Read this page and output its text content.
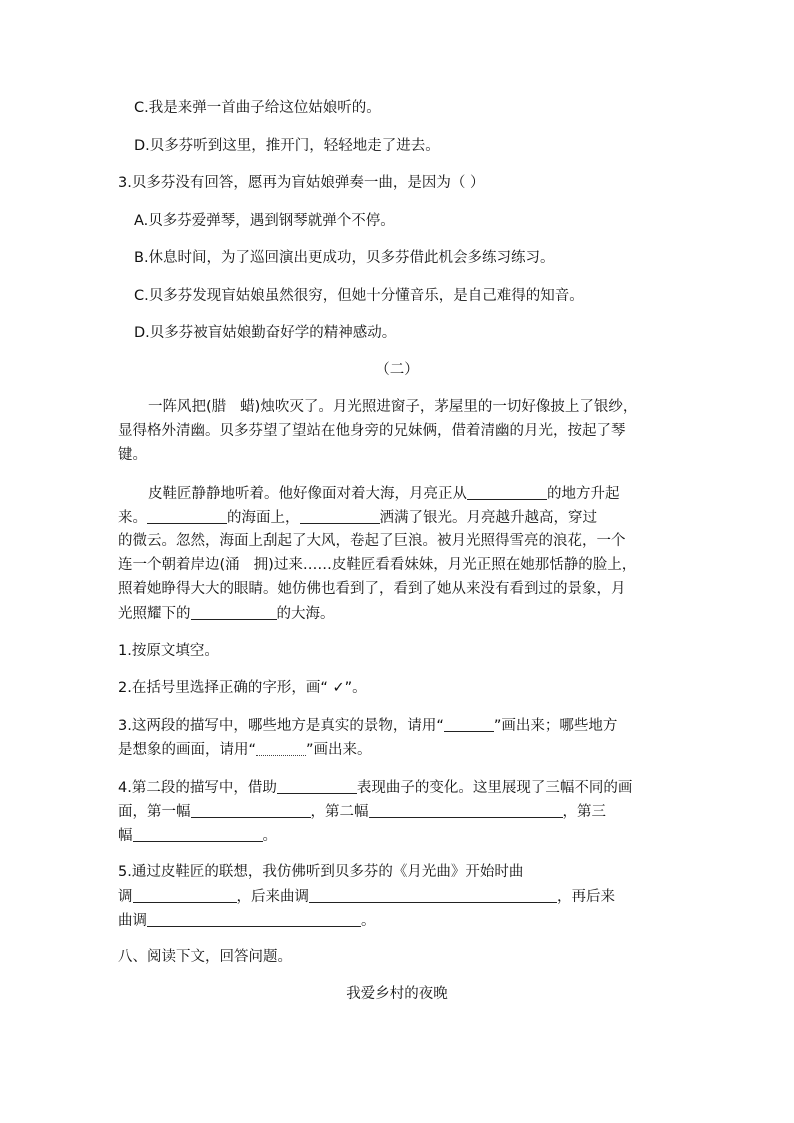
C.我是来弹一首曲子给这位姑娘听的。
D.贝多芬听到这里，推开门，轻轻地走了进去。
3.贝多芬没有回答，愿再为盲姑娘弹奏一曲，是因为（ ）
A.贝多芬爱弹琴，遇到钢琴就弹个不停。
B.休息时间，为了巡回演出更成功，贝多芬借此机会多练习练习。
C.贝多芬发现盲姑娘虽然很穷，但她十分懂音乐，是自己难得的知音。
D.贝多芬被盲姑娘勤奋好学的精神感动。
（二）
一阵风把(腊 蜡)烛吹灭了。月光照进窗子，茅屋里的一切好像披上了银纱，
显得格外清幽。贝多芬望了望站在他身旁的兄妹俩，借着清幽的月光，按起了琴
键。
皮鞋匠静静地听着。他好像面对着大海，月亮正从	的地方升起
来。	的海面上，	洒满了银光。月亮越升越高，穿过
的微云。忽然，海面上刮起了大风，卷起了巨浪。被月光照得雪亮的浪花，一个
连一个朝着岸边(涌 拥)过来……皮鞋匠看看妹妹，月光正照在她那恬静的脸上，
照着她睁得大大的眼睛。她仿佛也看到了，看到了她从来没有看到过的景象，月
光照耀下的	的大海。
1.按原文填空。
2.在括号里选择正确的字形，画“ ✓”。
3.这两段的描写中，哪些地方是真实的景物，请用“	”画出来；哪些地方
是想象的画面，请用“	”画出来。
4.第二段的描写中，借助	表现曲子的变化。这里展现了三幅不同的画
面，第一幅	，第二幅	，第三
幅	。
5.通过皮鞋匠的联想，我仿佛听到贝多芬的《月光曲》开始时曲
调	，后来曲调	，再后来
曲调	。
八、阅读下文，回答问题。
我爱乡村的夜晚
